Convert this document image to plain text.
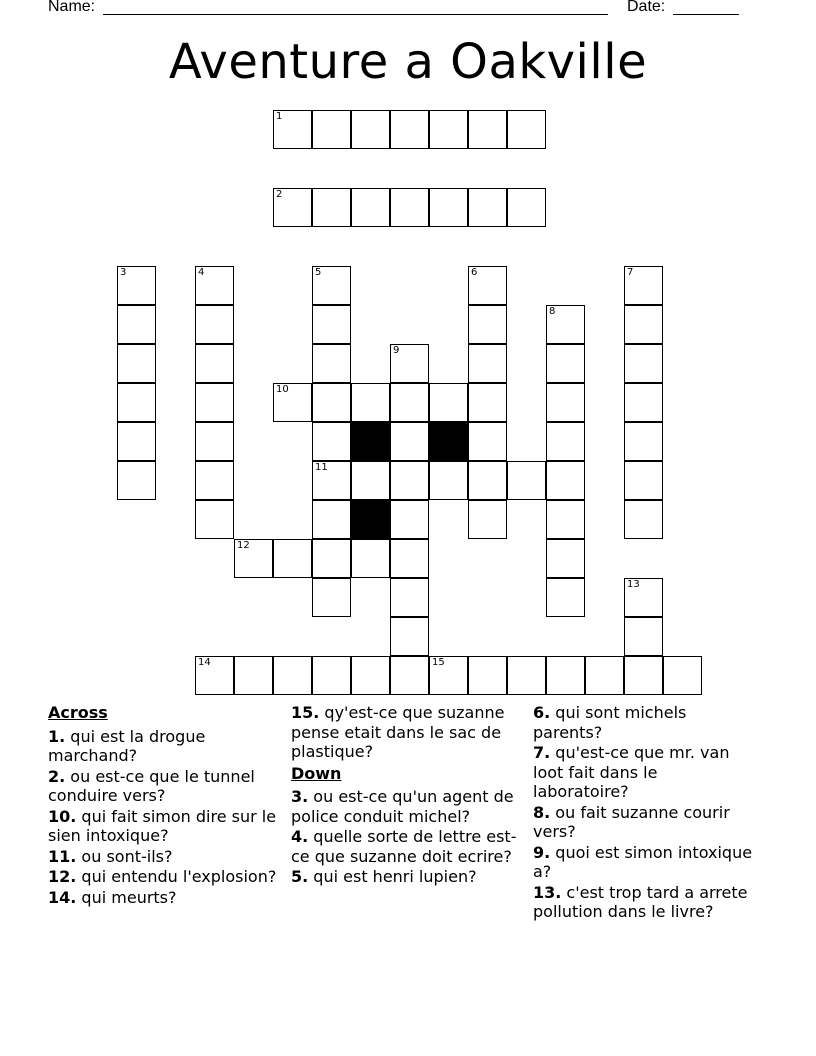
Name:	Date:
Aventure a Oakville
1
2
3	4	5
11
6	7
8
9
10
12
13
14	15
Across
1. qui est la drogue marchand?
2. ou est-ce que le tunnel conduire vers?
10. qui fait simon dire sur le sien intoxique?
11. ou sont-ils?
12. qui entendu l'explosion?
14. qui meurts?
15. qy'est-ce que suzanne pense etait dans le sac de plastique?
Down
3. ou est-ce qu'un agent de police conduit michel?
4. quelle sorte de lettre est-ce que suzanne doit ecrire?
5. qui est henri lupien?
6. qui sont michels parents?
7. qu'est-ce que mr. van loot fait dans le laboratoire?
8. ou fait suzanne courir vers?
9. quoi est simon intoxique a?
13. c'est trop tard a arrete pollution dans le livre?
